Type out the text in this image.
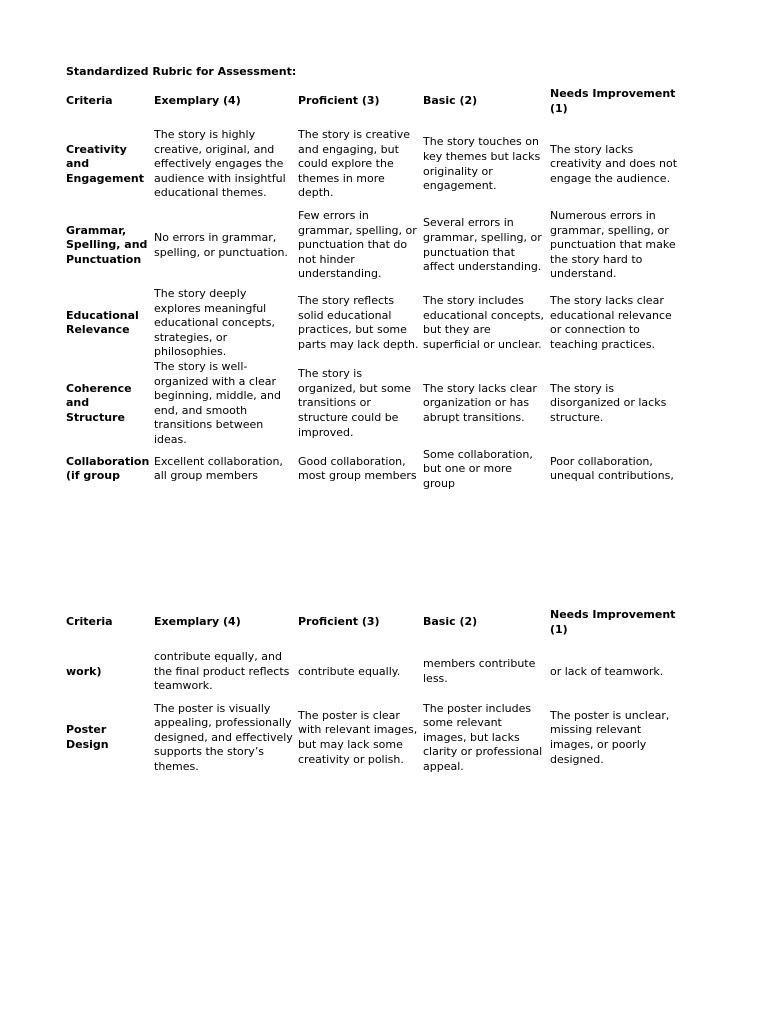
Standardized Rubric for Assessment:
Criteria	Exemplary (4)	Proficient (3)	Basic (2)	Needs Improvement (1)

Creativity and Engagement	The story is highly creative, original, and effectively engages the audience with insightful educational themes.	The story is creative and engaging, but could explore the themes in more depth.	The story touches on key themes but lacks originality or engagement.	The story lacks creativity and does not engage the audience.
Grammar, Spelling, and Punctuation	No errors in grammar, spelling, or punctuation.	Few errors in grammar, spelling, or punctuation that do not hinder understanding.	Several errors in grammar, spelling, or punctuation that affect understanding.	Numerous errors in grammar, spelling, or punctuation that make the story hard to understand.
Educational Relevance	The story deeply explores meaningful educational concepts, strategies, or philosophies.	The story reflects solid educational practices, but some parts may lack depth.	The story includes educational concepts, but they are superficial or unclear.	The story lacks clear educational relevance or connection to teaching practices.
Coherence and Structure	The story is well-organized with a clear beginning, middle, and end, and smooth transitions between ideas.	The story is organized, but some transitions or structure could be improved.	The story lacks clear organization or has abrupt transitions.	The story is disorganized or lacks structure.
Collaboration (if group	Excellent collaboration, all group members	Good collaboration, most group members	Some collaboration, but one or more group	Poor collaboration, unequal contributions,
Criteria	Exemplary (4)	Proficient (3)	Basic (2)	Needs Improvement (1)

work)	contribute equally, and the final product reflects teamwork.	contribute equally.	members contribute less.	or lack of teamwork.
Poster Design	The poster is visually appealing, professionally designed, and effectively supports the story’s themes.	The poster is clear with relevant images, but may lack some creativity or polish.	The poster includes some relevant images, but lacks clarity or professional appeal.	The poster is unclear, missing relevant images, or poorly designed.
